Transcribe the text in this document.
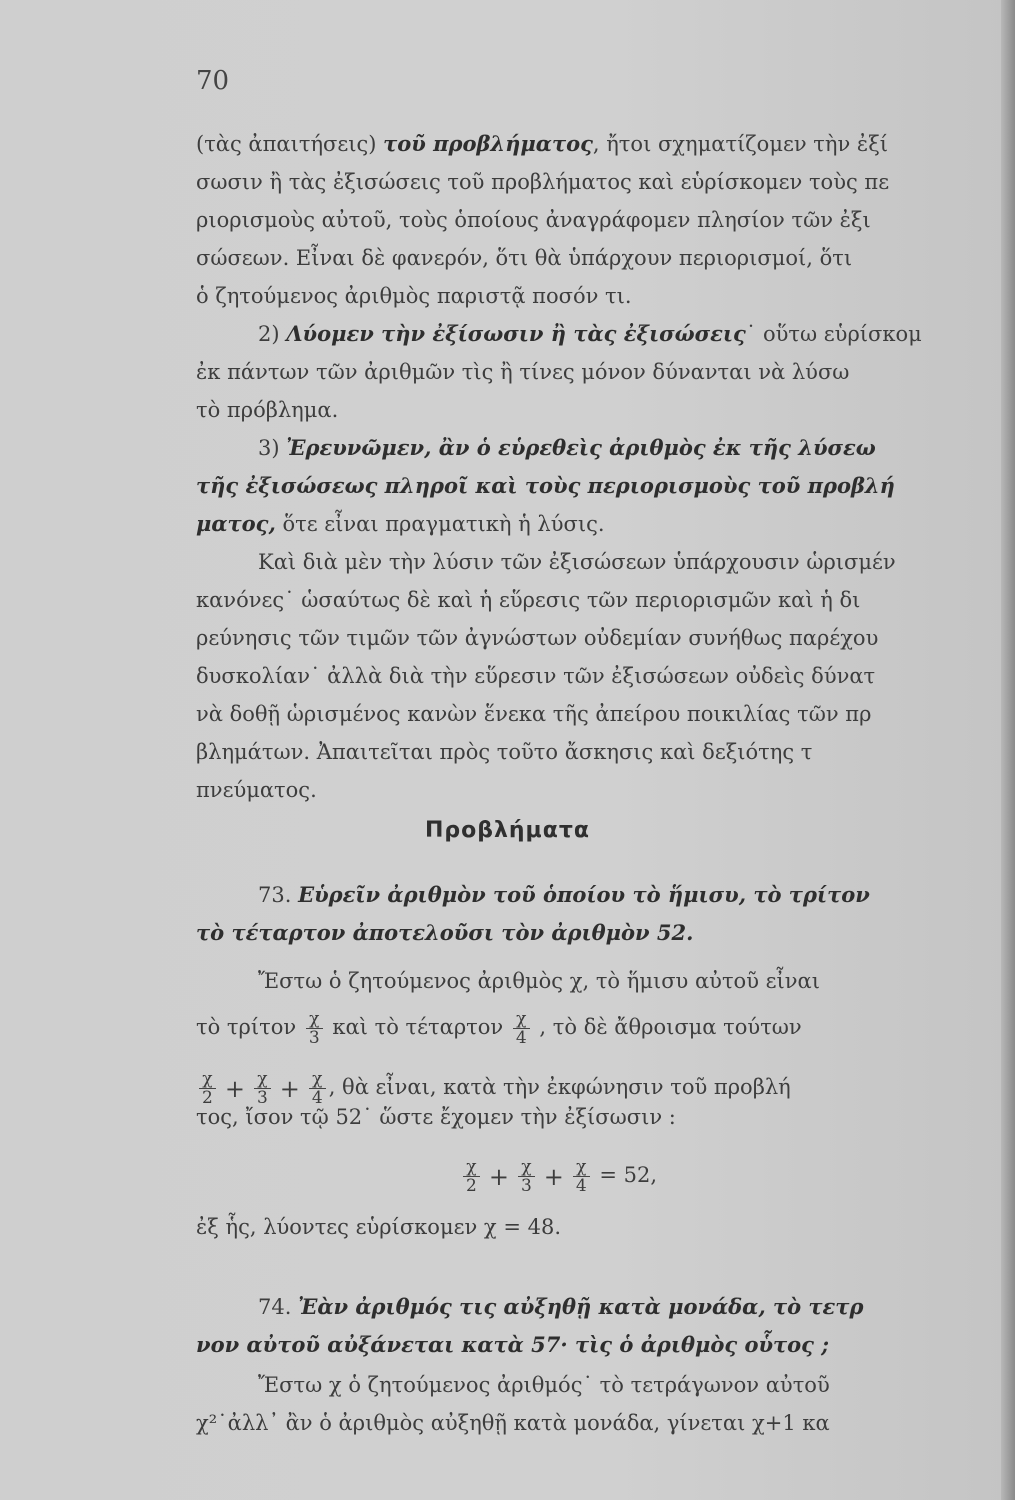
70
(τὰς ἀπαιτήσεις) τοῦ προβλήματος, ἤτοι σχηματίζομεν τὴν ἐξί
σωσιν ἢ τὰς ἐξισώσεις τοῦ προβλήματος καὶ εὑρίσκομεν τοὺς πε
ριορισμοὺς αὐτοῦ, τοὺς ὁποίους ἀναγράφομεν πλησίον τῶν ἐξι
σώσεων. Εἶναι δὲ φανερόν, ὅτι θὰ ὑπάρχουν περιορισμοί, ὅτι
ὁ ζητούμενος ἀριθμὸς παριστᾷ ποσόν τι.
2) Λύομεν τὴν ἐξίσωσιν ἢ τὰς ἐξισώσεις˙ οὕτω εὑρίσκομ
ἐκ πάντων τῶν ἀριθμῶν τὶς ἢ τίνες μόνον δύνανται νὰ λύσω
τὸ πρόβλημα.
3) Ἐρευνῶμεν, ἂν ὁ εὑρεθεὶς ἀριθμὸς ἐκ τῆς λύσεω
τῆς ἐξισώσεως πληροῖ καὶ τοὺς περιορισμοὺς τοῦ προβλή
ματος, ὅτε εἶναι πραγματικὴ ἡ λύσις.
Καὶ διὰ μὲν τὴν λύσιν τῶν ἐξισώσεων ὑπάρχουσιν ὡρισμέν
κανόνες˙ ὡσαύτως δὲ καὶ ἡ εὕρεσις τῶν περιορισμῶν καὶ ἡ δι
ρεύνησις τῶν τιμῶν τῶν ἀγνώστων οὐδεμίαν συνήθως παρέχου
δυσκολίαν˙ ἀλλὰ διὰ τὴν εὕρεσιν τῶν ἐξισώσεων οὐδεὶς δύνατ
νὰ δοθῇ ὡρισμένος κανὼν ἕνεκα τῆς ἀπείρου ποικιλίας τῶν πρ
βλημάτων. Ἀπαιτεῖται πρὸς τοῦτο ἄσκησις καὶ δεξιότης τ
πνεύματος.
Προβλήματα
73. Εὑρεῖν ἀριθμὸν τοῦ ὁποίου τὸ ἥμισυ, τὸ τρίτον
τὸ τέταρτον ἀποτελοῦσι τὸν ἀριθμὸν 52.
Ἔστω ὁ ζητούμενος ἀριθμὸς χ, τὸ ἥμισυ αὐτοῦ εἶναι
τὸ τρίτον $\frac{\chi}{3}$ καὶ τὸ τέταρτον $\frac{\chi}{4}$ , τὸ δὲ ἄθροισμα τούτων
$\frac{\chi}{2} + \frac{\chi}{3} + \frac{\chi}{4}$ , θὰ εἶναι, κατὰ τὴν ἐκφώνησιν τοῦ προβλή
τος, ἴσον τῷ 52˙ ὥστε ἔχομεν τὴν ἐξίσωσιν :
$\frac{\chi}{2} + \frac{\chi}{3} + \frac{\chi}{4} = 52$,
ἐξ ἧς, λύοντες εὑρίσκομεν χ = 48.
74. Ἐὰν ἀριθμός τις αὐξηθῇ κατὰ μονάδα, τὸ τετρ
νον αὐτοῦ αὐξάνεται κατὰ 57· τὶς ὁ ἀριθμὸς οὗτος ;
Ἔστω χ ὁ ζητούμενος ἀριθμός˙ τὸ τετράγωνον αὐτοῦ
χ²˙ἀλλ᾽ ἂν ὁ ἀριθμὸς αὐξηθῇ κατὰ μονάδα, γίνεται χ+1 κα
